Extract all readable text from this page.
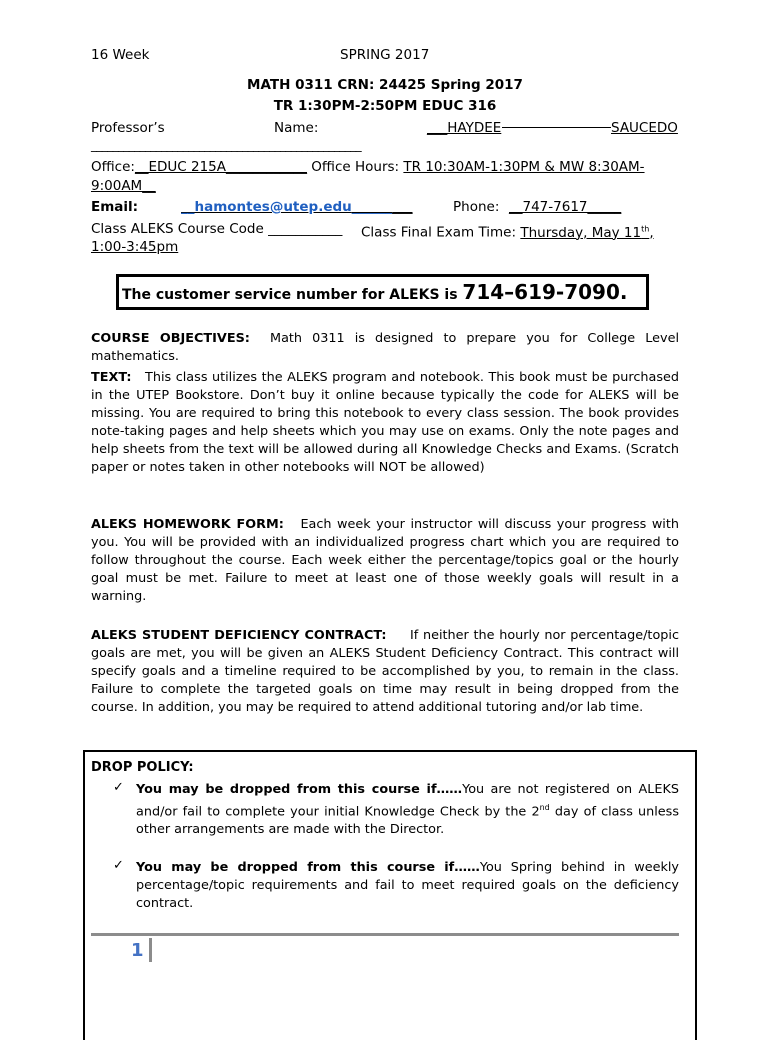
16 Week	SPRING 2017
MATH 0311 CRN: 24425 Spring 2017
TR 1:30PM-2:50PM EDUC 316
Professor’s	Name:	___HAYDEE	SAUCEDO
__________________________________________________
Office:__EDUC 215A____________ Office Hours: TR 10:30AM-1:30PM & MW 8:30AM-
9:00AM__
Email:	__hamontes@utep.edu_________	Phone: __747-7617_____
Class ALEKS Course Code ___________ Class Final Exam Time: Thursday, May 11th,
1:00-3:45pm
The customer service number for ALEKS is 714–619-7090.
COURSE OBJECTIVES: Math 0311 is designed to prepare you for College Level mathematics.
TEXT: This class utilizes the ALEKS program and notebook. This book must be purchased in the UTEP Bookstore. Don’t buy it online because typically the code for ALEKS will be missing. You are required to bring this notebook to every class session. The book provides note-taking pages and help sheets which you may use on exams. Only the note pages and help sheets from the text will be allowed during all Knowledge Checks and Exams. (Scratch paper or notes taken in other notebooks will NOT be allowed)
ALEKS HOMEWORK FORM: Each week your instructor will discuss your progress with you. You will be provided with an individualized progress chart which you are required to follow throughout the course. Each week either the percentage/topics goal or the hourly goal must be met. Failure to meet at least one of those weekly goals will result in a warning.
ALEKS STUDENT DEFICIENCY CONTRACT: If neither the hourly nor percentage/topic goals are met, you will be given an ALEKS Student Deficiency Contract. This contract will specify goals and a timeline required to be accomplished by you, to remain in the class. Failure to complete the targeted goals on time may result in being dropped from the course. In addition, you may be required to attend additional tutoring and/or lab time.
DROP POLICY:
✓ You may be dropped from this course if……You are not registered on ALEKS and/or fail to complete your initial Knowledge Check by the 2nd day of class unless other arrangements are made with the Director.
✓ You may be dropped from this course if……You Spring behind in weekly percentage/topic requirements and fail to meet required goals on the deficiency contract.
1
